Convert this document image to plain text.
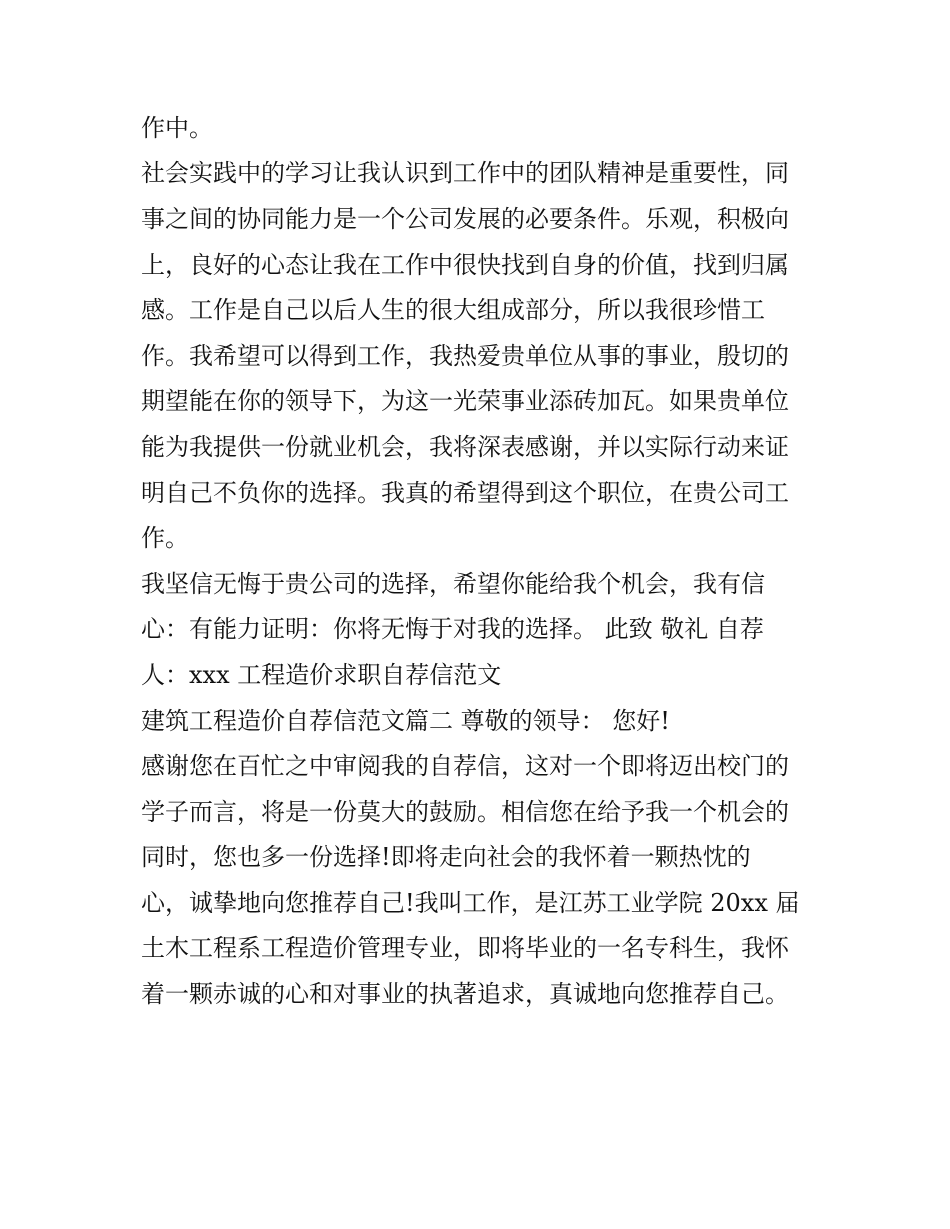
作中。
社会实践中的学习让我认识到工作中的团队精神是重要性，同
事之间的协同能力是一个公司发展的必要条件。乐观，积极向
上，良好的心态让我在工作中很快找到自身的价值，找到归属
感。工作是自己以后人生的很大组成部分，所以我很珍惜工
作。我希望可以得到工作，我热爱贵单位从事的事业，殷切的
期望能在你的领导下，为这一光荣事业添砖加瓦。如果贵单位
能为我提供一份就业机会，我将深表感谢，并以实际行动来证
明自己不负你的选择。我真的希望得到这个职位，在贵公司工
作。
我坚信无悔于贵公司的选择，希望你能给我个机会，我有信
心：有能力证明：你将无悔于对我的选择。 此致 敬礼 自荐
人：xxx 工程造价求职自荐信范文
建筑工程造价自荐信范文篇二 尊敬的领导： 您好!
感谢您在百忙之中审阅我的自荐信，这对一个即将迈出校门的
学子而言，将是一份莫大的鼓励。相信您在给予我一个机会的
同时，您也多一份选择!即将走向社会的我怀着一颗热忱的
心，诚挚地向您推荐自己!我叫工作，是江苏工业学院 20xx 届
土木工程系工程造价管理专业，即将毕业的一名专科生，我怀
着一颗赤诚的心和对事业的执著追求，真诚地向您推荐自己。
